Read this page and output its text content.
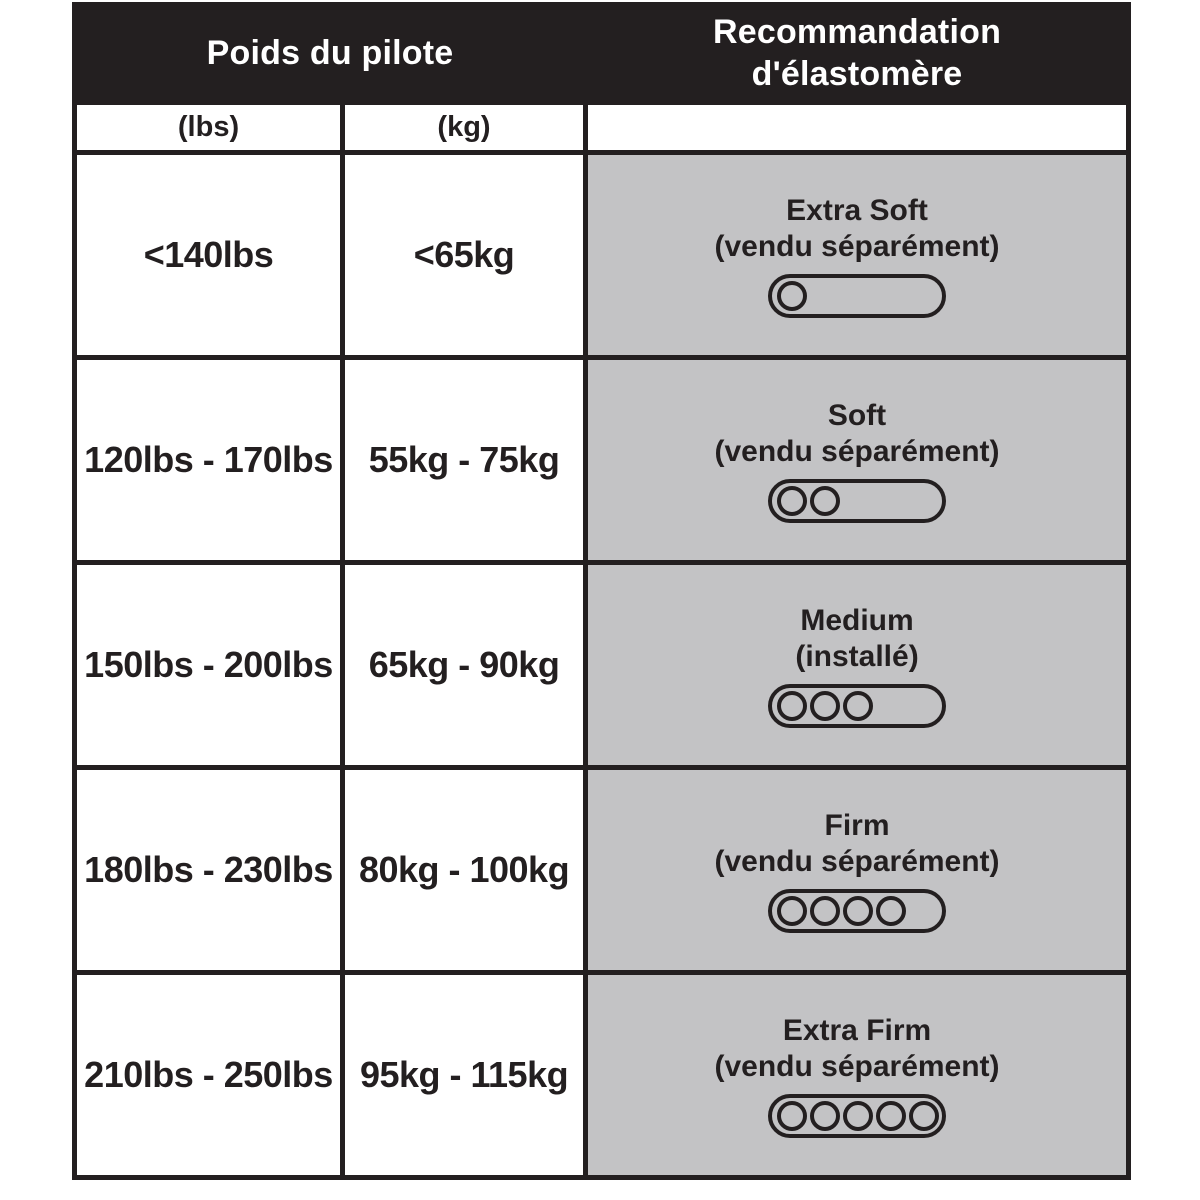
Poids du pilote		Recommandation d'élastomère
(lbs)	(kg)	
<140lbs	<65kg	Extra Soft
(vendu séparément)

120lbs - 170lbs	55kg - 75kg	Soft
(vendu séparément)

150lbs - 200lbs	65kg - 90kg	Medium
(installé)

180lbs - 230lbs	80kg - 100kg	Firm
(vendu séparément)

210lbs - 250lbs	95kg - 115kg	Extra Firm
(vendu séparément)
